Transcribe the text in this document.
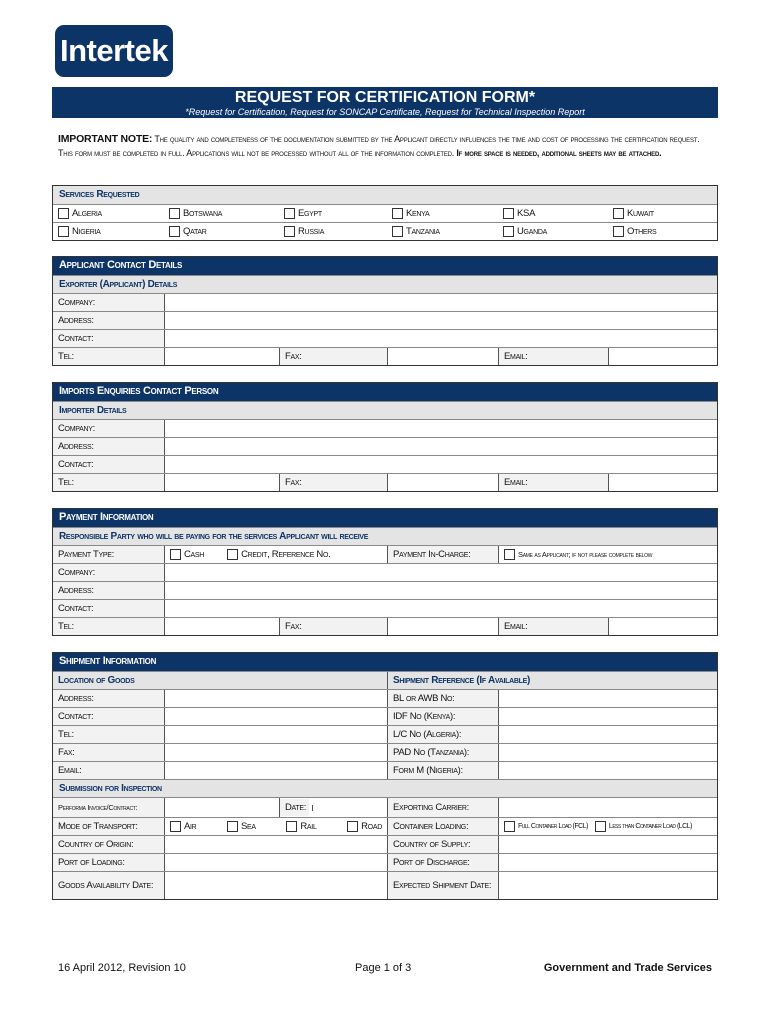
Intertek
REQUEST FOR CERTIFICATION FORM*
*Request for Certification, Request for SONCAP Certificate, Request for Technical Inspection Report
IMPORTANT NOTE: The quality and completeness of the documentation submitted by the Applicant directly influences the time and cost of processing the certification request. This form must be completed in full. Applications will not be processed without all of the information completed. If more space is needed, additional sheets may be attached.
Services Requested
Algeria	Botswana	Egypt	Kenya	KSA	Kuwait
Nigeria	Qatar	Russia	Tanzania	Uganda	Others
Applicant Contact Details
Exporter (Applicant) Details
Company:
Address:
Contact:
Tel:	Fax:	Email:
Imports Enquiries Contact Person
Importer Details
Company:
Address:
Contact:
Tel:	Fax:	Email:
Payment Information
Responsible Party who will be paying for the services Applicant will receive
Payment Type:	Cash	Credit, Reference No.	Payment In-Charge:	Same as Applicant; if not please complete below
Company:
Address:
Contact:
Tel:	Fax:	Email:
Shipment Information
Location of Goods	Shipment Reference (If Available)
Address:	BL or AWB No:
Contact:	IDF No (Kenya):
Tel:	L/C No (Algeria):
Fax:	PAD No (Tanzania):
Email:	Form M (Nigeria):
Submission for Inspection
Performa Invoice/Contract:	Date:	Exporting Carrier:
Mode of Transport:	Air	Sea	Rail	Road	Container Loading:	Full Container Load (FCL)	Less than Container Load (LCL)
Country of Origin:	Country of Supply:
Port of Loading:	Port of Discharge:
Goods Availability Date:	Expected Shipment Date:
16 April 2012, Revision 10	Page 1 of 3	Government and Trade Services
